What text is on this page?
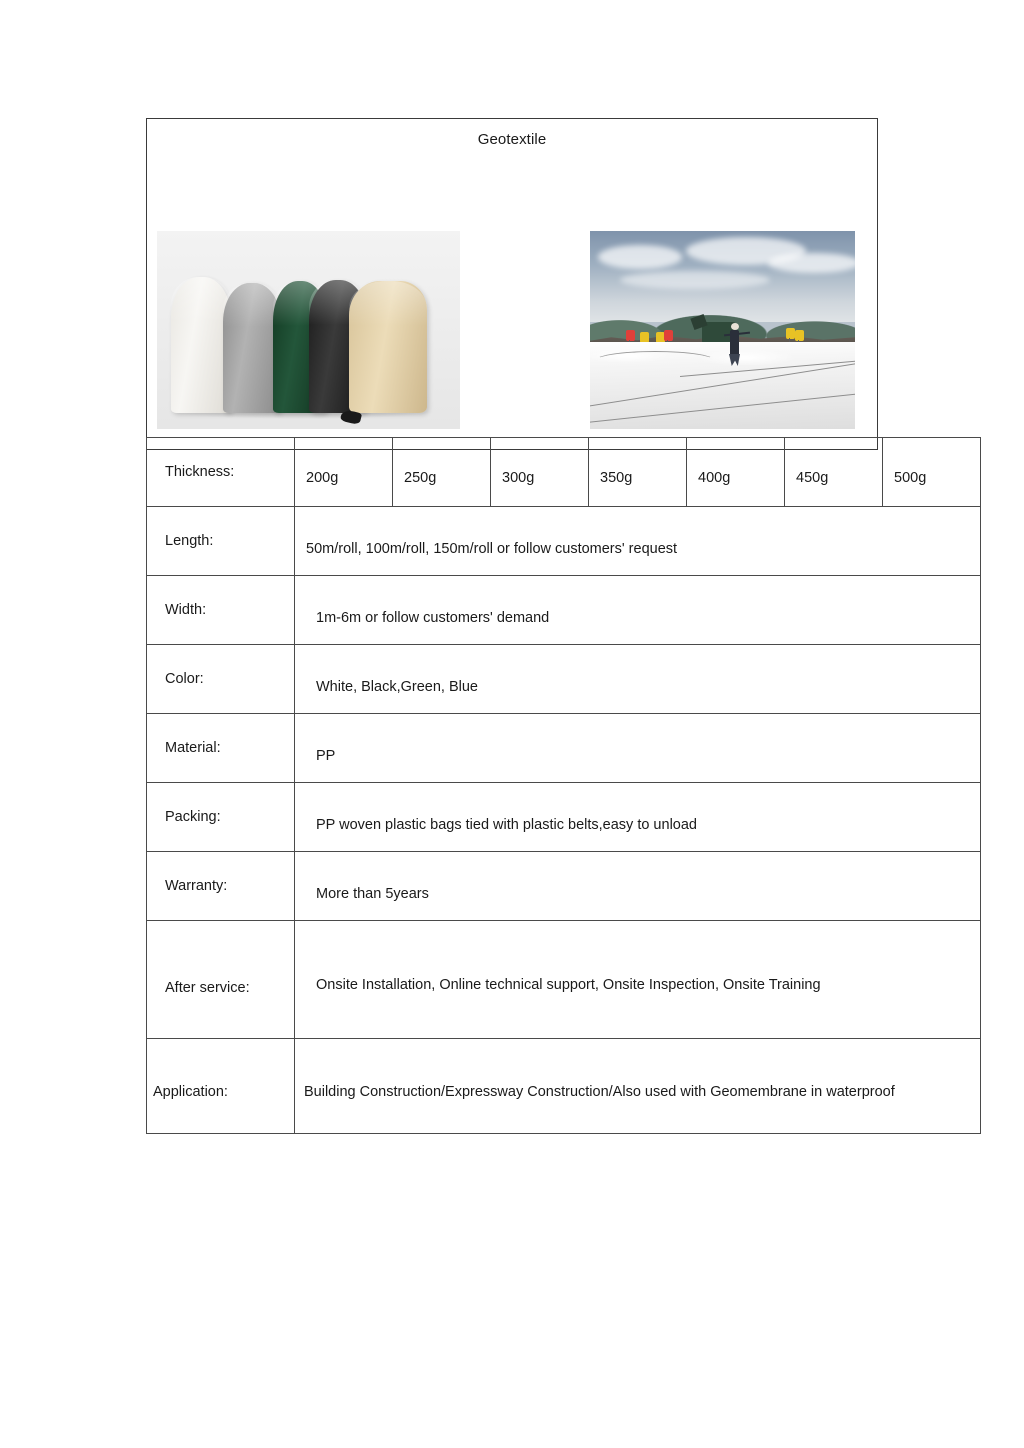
Geotextile

Thickness:	200g	250g	300g	350g	400g	450g	500g
Length:	50m/roll, 100m/roll, 150m/roll or follow customers' request						
Width:	1m-6m or follow customers' demand						
Color:	White, Black,Green, Blue						
Material:	PP						
Packing:	PP woven plastic bags tied with plastic belts,easy to unload						
Warranty:	More than 5years						
After service:	Onsite Installation, Online technical support, Onsite Inspection, Onsite Training						

Application:	Building Construction/Expressway Construction/Also used with Geomembrane in waterproof						
